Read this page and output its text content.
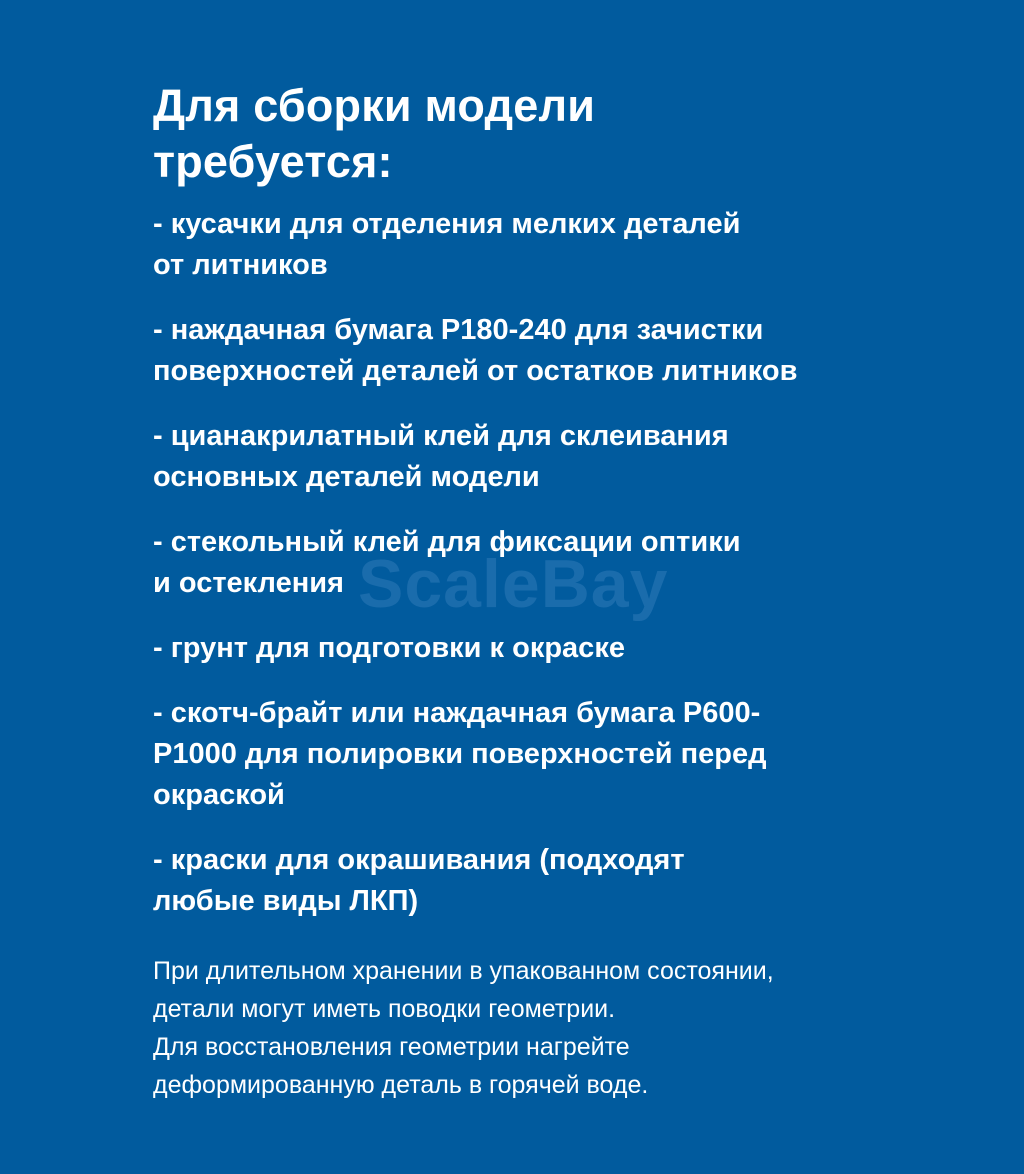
ScaleBay
Для сборки модели
требуется:
- кусачки для отделения мелких деталей
от литников
- наждачная бумага Р180-240 для зачистки
поверхностей деталей от остатков литников
- цианакрилатный клей для склеивания
основных деталей модели
- стекольный клей для фиксации оптики
и остекления
- грунт для подготовки к окраске
- скотч-брайт или наждачная бумага Р600-
Р1000 для полировки поверхностей перед
окраской
- краски для окрашивания (подходят
любые виды ЛКП)
При длительном хранении в упакованном состоянии,
детали могут иметь поводки геометрии.
Для восстановления геометрии нагрейте
деформированную деталь в горячей воде.
